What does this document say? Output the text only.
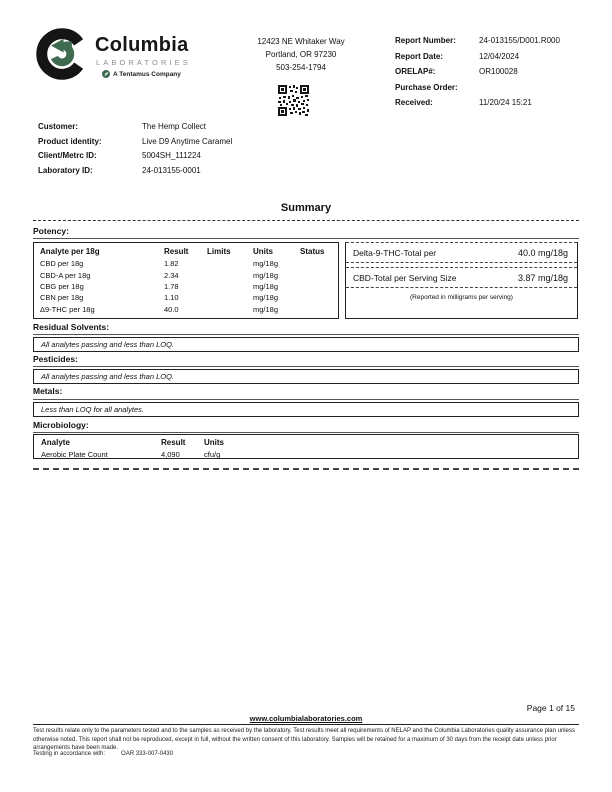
Columbia
LABORATORIES
A Tentamus Company
12423 NE Whitaker Way
Portland, OR 97230
503-254-1794
Report Number:	24-013155/D001.R000
Report Date:	12/04/2024
ORELAP#:	OR100028
Purchase Order:
Received:	11/20/24 15:21
Customer:	The Hemp Collect
Product identity:	Live D9 Anytime Caramel
Client/Metrc ID:	5004SH_111224
Laboratory ID:	24-013155-0001
Summary
Potency:
Analyte per 18g	Result	Limits	Units	Status
CBD per 18g	1.82		mg/18g	
CBD-A per 18g	2.34		mg/18g	
CBG per 18g	1.78		mg/18g	
CBN per 18g	1.10		mg/18g	
Δ9-THC per 18g	40.0		mg/18g	
Delta-9-THC-Total per	40.0 mg/18g
CBD-Total per Serving Size	3.87 mg/18g
(Reported in milligrams per serving)
Residual Solvents:
All analytes passing and less than LOQ.
Pesticides:
All analytes passing and less than LOQ.
Metals:
Less than LOQ for all analytes.
Microbiology:
Analyte	Result	Units
Aerobic Plate Count	4,090	cfu/g
Page 1 of 15
www.columbialaboratories.com
Test results relate only to the parameters tested and to the samples as received by the laboratory. Test results meet all requirements of NELAP and the Columbia Laboratories quality assurance plan unless otherwise noted. This report shall not be reproduced, except in full, without the written consent of this laboratory. Samples will be retained for a maximum of 30 days from the receipt date unless prior arrangements have been made.
Testing in accordance with:	OAR 333-007-0430
